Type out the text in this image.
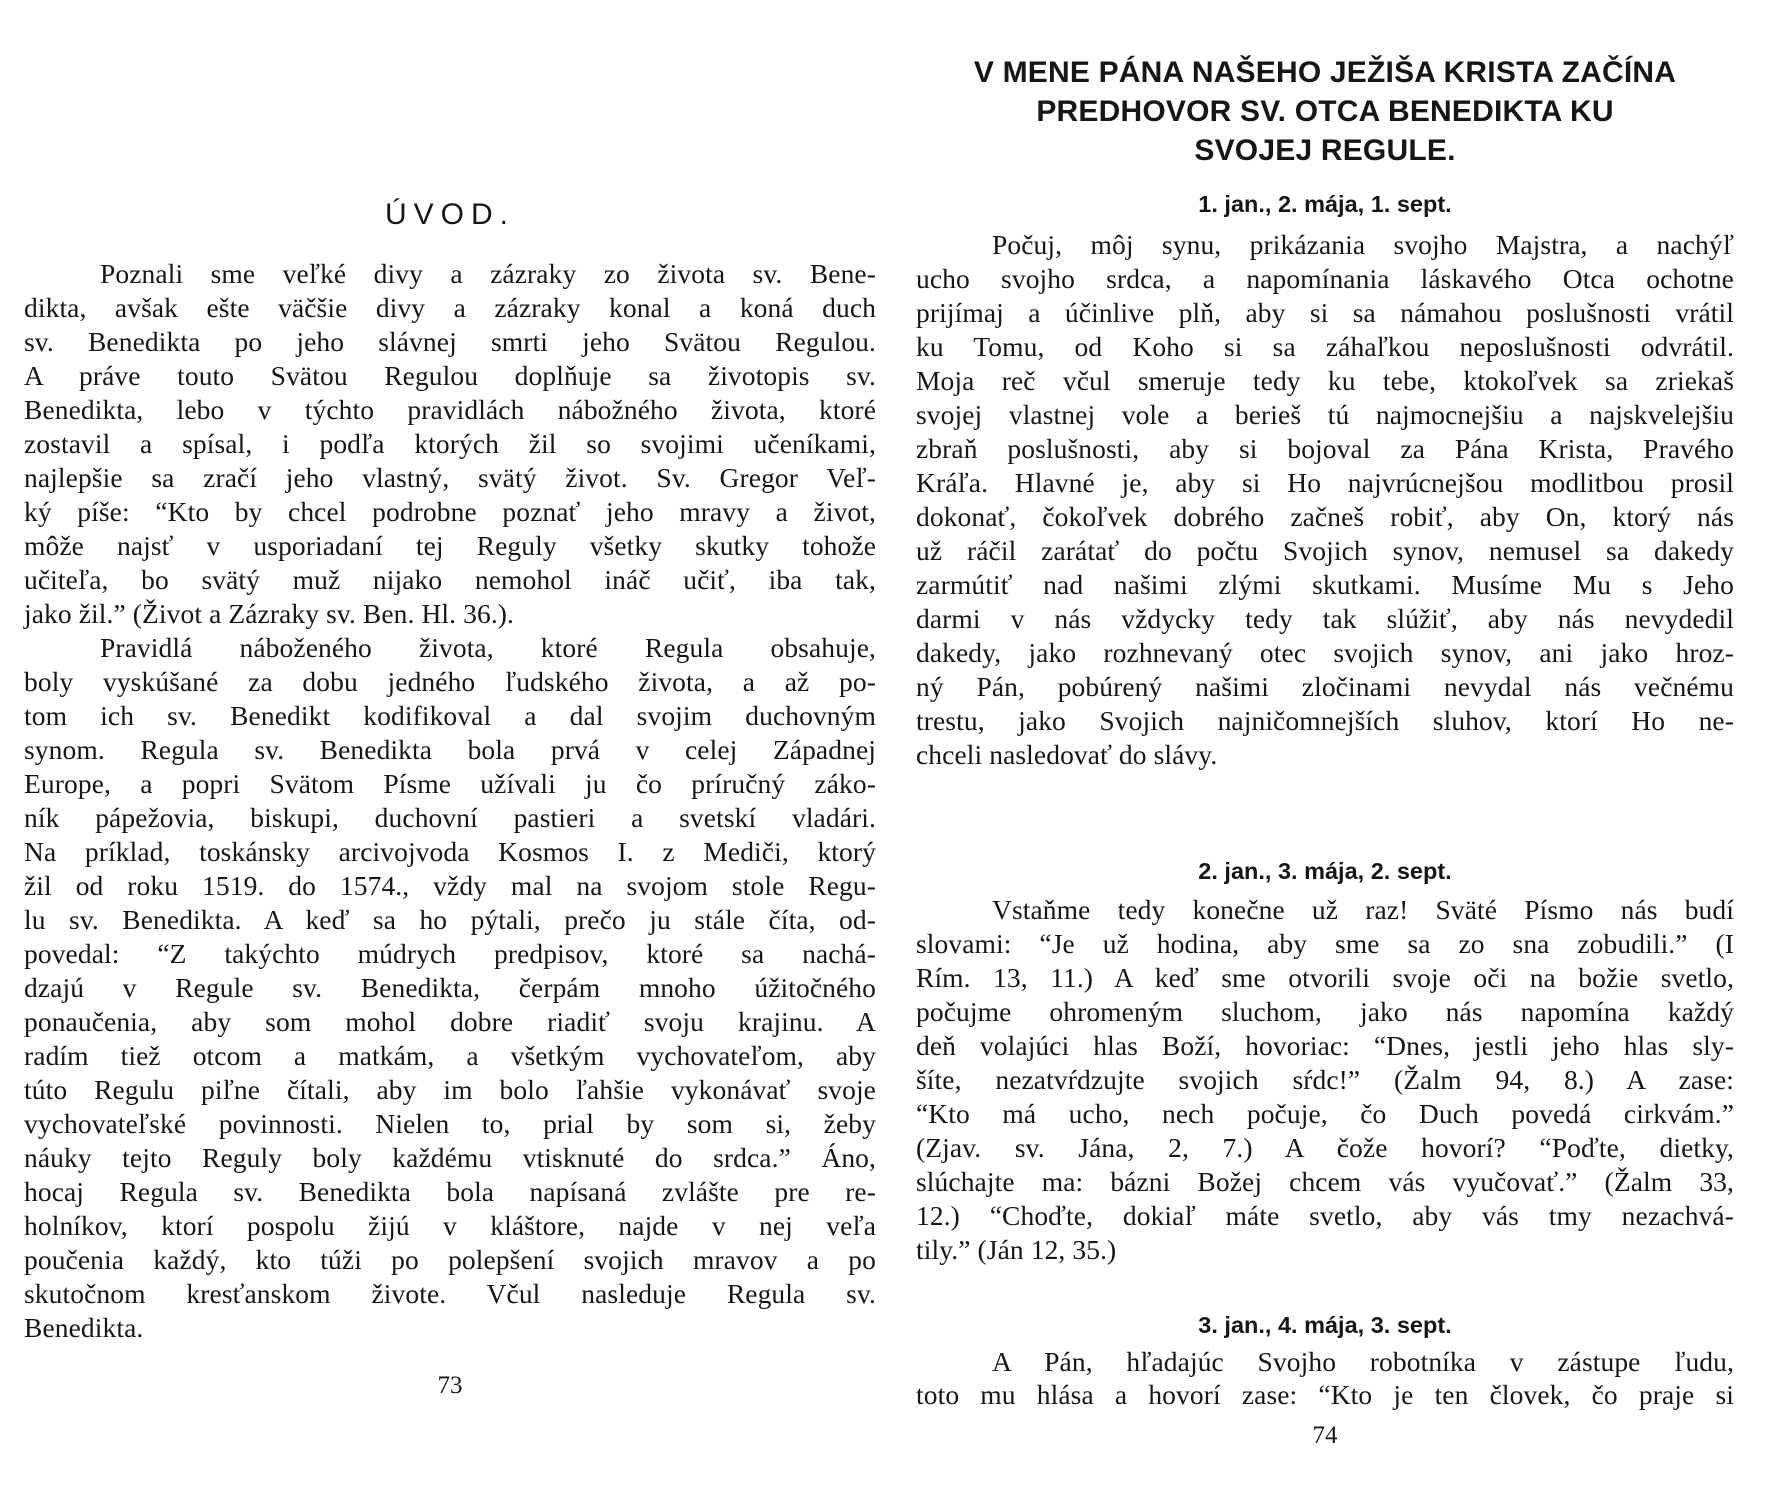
ÚVOD.
Poznali sme veľké divy a zázraky zo života sv. Bene-
dikta, avšak ešte väčšie divy a zázraky konal a koná duch
sv. Benedikta po jeho slávnej smrti jeho Svätou Regulou.
A práve touto Svätou Regulou doplňuje sa životopis sv.
Benedikta, lebo v týchto pravidlách nábožného života, ktoré
zostavil a spísal, i podľa ktorých žil so svojimi učeníkami,
najlepšie sa zračí jeho vlastný, svätý život. Sv. Gregor Veľ-
ký píše: “Kto by chcel podrobne poznať jeho mravy a život,
môže najsť v usporiadaní tej Reguly všetky skutky tohože
učiteľa, bo svätý muž nijako nemohol ináč učiť, iba tak,
jako žil.” (Život a Zázraky sv. Ben. Hl. 36.).
Pravidlá náboženého života, ktoré Regula obsahuje,
boly vyskúšané za dobu jedného ľudského života, a až po-
tom ich sv. Benedikt kodifikoval a dal svojim duchovným
synom. Regula sv. Benedikta bola prvá v celej Západnej
Europe, a popri Svätom Písme užívali ju čo príručný záko-
ník pápežovia, biskupi, duchovní pastieri a svetskí vladári.
Na príklad, toskánsky arcivojvoda Kosmos I. z Mediči, ktorý
žil od roku 1519. do 1574., vždy mal na svojom stole Regu-
lu sv. Benedikta. A keď sa ho pýtali, prečo ju stále číta, od-
povedal: “Z takýchto múdrych predpisov, ktoré sa nachá-
dzajú v Regule sv. Benedikta, čerpám mnoho úžitočného
ponaučenia, aby som mohol dobre riadiť svoju krajinu. A
radím tiež otcom a matkám, a všetkým vychovateľom, aby
túto Regulu piľne čítali, aby im bolo ľahšie vykonávať svoje
vychovateľské povinnosti. Nielen to, prial by som si, žeby
náuky tejto Reguly boly každému vtisknuté do srdca.” Áno,
hocaj Regula sv. Benedikta bola napísaná zvlášte pre re-
holníkov, ktorí pospolu žijú v kláštore, najde v nej veľa
poučenia každý, kto túži po polepšení svojich mravov a po
skutočnom kresťanskom živote. Včul nasleduje Regula sv.
Benedikta.
73
V MENE PÁNA NAŠEHO JEŽIŠA KRISTA ZAČÍNA
PREDHOVOR SV. OTCA BENEDIKTA KU
SVOJEJ REGULE.
1. jan., 2. mája, 1. sept.
Počuj, môj synu, prikázania svojho Majstra, a nachýľ
ucho svojho srdca, a napomínania láskavého Otca ochotne
prijímaj a účinlive plň, aby si sa námahou poslušnosti vrátil
ku Tomu, od Koho si sa záhaľkou neposlušnosti odvrátil.
Moja reč včul smeruje tedy ku tebe, ktokoľvek sa zriekaš
svojej vlastnej vole a berieš tú najmocnejšiu a najskvelejšiu
zbraň poslušnosti, aby si bojoval za Pána Krista, Pravého
Kráľa. Hlavné je, aby si Ho najvrúcnejšou modlitbou prosil
dokonať, čokoľvek dobrého začneš robiť, aby On, ktorý nás
už ráčil zarátať do počtu Svojich synov, nemusel sa dakedy
zarmútiť nad našimi zlými skutkami. Musíme Mu s Jeho
darmi v nás vždycky tedy tak slúžiť, aby nás nevydedil
dakedy, jako rozhnevaný otec svojich synov, ani jako hroz-
ný Pán, pobúrený našimi zločinami nevydal nás večnému
trestu, jako Svojich najničomnejších sluhov, ktorí Ho ne-
chceli nasledovať do slávy.
2. jan., 3. mája, 2. sept.
Vstaňme tedy konečne už raz! Sväté Písmo nás budí
slovami: “Je už hodina, aby sme sa zo sna zobudili.” (I
Rím. 13, 11.) A keď sme otvorili svoje oči na božie svetlo,
počujme ohromeným sluchom, jako nás napomína každý
deň volajúci hlas Boží, hovoriac: “Dnes, jestli jeho hlas sly-
šíte, nezatvŕdzujte svojich sŕdc!” (Žalm 94, 8.) A zase:
“Kto má ucho, nech počuje, čo Duch povedá cirkvám.”
(Zjav. sv. Jána, 2, 7.) A čože hovorí? “Poďte, dietky,
slúchajte ma: bázni Božej chcem vás vyučovať.” (Žalm 33,
12.) “Choďte, dokiaľ máte svetlo, aby vás tmy nezachvá-
tily.” (Ján 12, 35.)
3. jan., 4. mája, 3. sept.
A Pán, hľadajúc Svojho robotníka v zástupe ľudu,
toto mu hlása a hovorí zase: “Kto je ten človek, čo praje si
74
